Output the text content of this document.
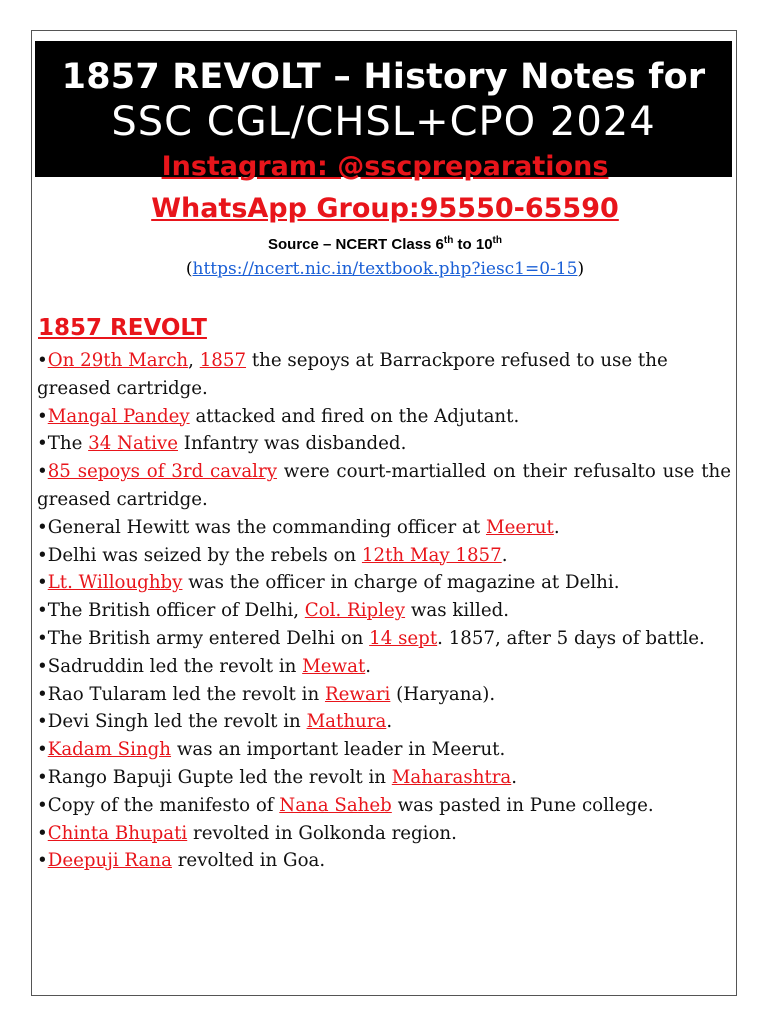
1857 REVOLT – History Notes for
SSC CGL/CHSL+CPO 2024
Instagram: @sscpreparations
WhatsApp Group:95550-65590
Source – NCERT Class 6th to 10th
(https://ncert.nic.in/textbook.php?iesc1=0-15)
1857 REVOLT

•On 29th March, 1857 the sepoys at Barrackpore refused to use the greased cartridge.

•Mangal Pandey attacked and fired on the Adjutant.

•The 34 Native Infantry was disbanded.

•85 sepoys of 3rd cavalry were court-martialled on their refusalto use the greased cartridge.

•General Hewitt was the commanding officer at Meerut.

•Delhi was seized by the rebels on 12th May 1857.

•Lt. Willoughby was the officer in charge of magazine at Delhi.

•The British officer of Delhi, Col. Ripley was killed.

•The British army entered Delhi on 14 sept. 1857, after 5 days of battle.

•Sadruddin led the revolt in Mewat.

•Rao Tularam led the revolt in Rewari (Haryana).

•Devi Singh led the revolt in Mathura.

•Kadam Singh was an important leader in Meerut.

•Rango Bapuji Gupte led the revolt in Maharashtra.

•Copy of the manifesto of Nana Saheb was pasted in Pune college.

•Chinta Bhupati revolted in Golkonda region.

•Deepuji Rana revolted in Goa.
